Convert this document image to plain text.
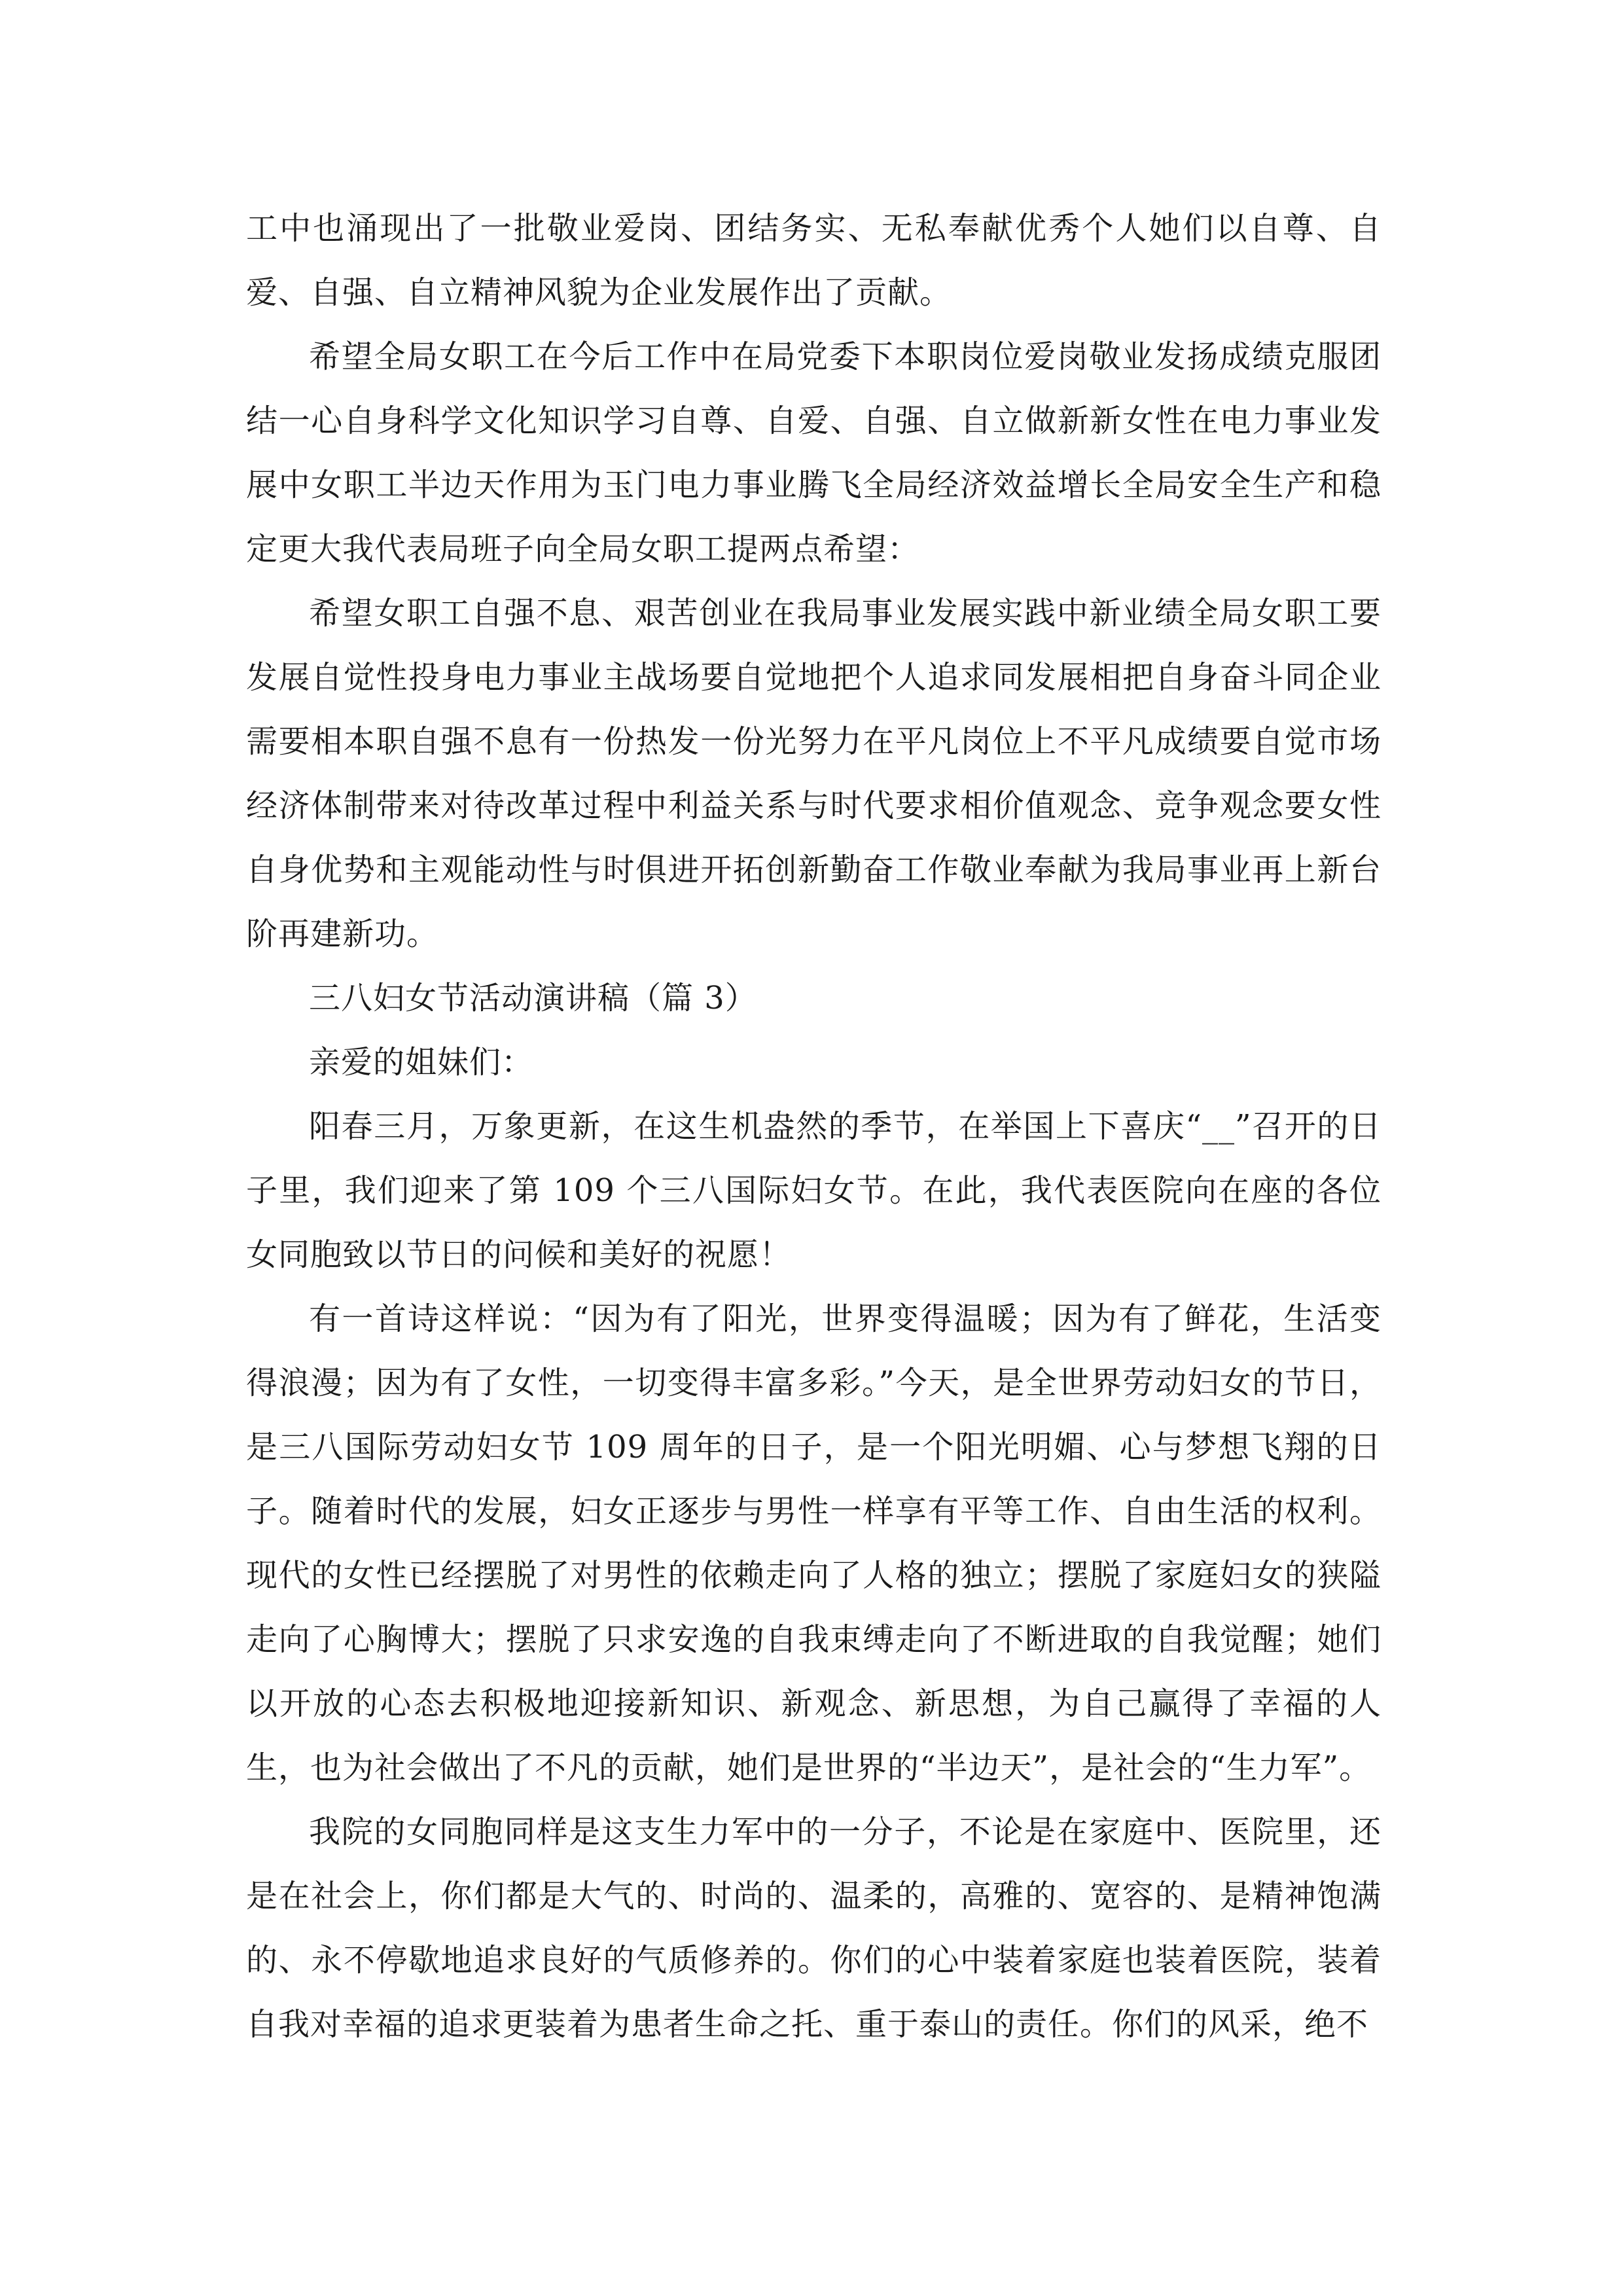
工中也涌现出了一批敬业爱岗、团结务实、无私奉献优秀个人她们以自尊、自爱、自强、自立精神风貌为企业发展作出了贡献。

希望全局女职工在今后工作中在局党委下本职岗位爱岗敬业发扬成绩克服团结一心自身科学文化知识学习自尊、自爱、自强、自立做新新女性在电力事业发展中女职工半边天作用为玉门电力事业腾飞全局经济效益增长全局安全生产和稳定更大我代表局班子向全局女职工提两点希望：

希望女职工自强不息、艰苦创业在我局事业发展实践中新业绩全局女职工要发展自觉性投身电力事业主战场要自觉地把个人追求同发展相把自身奋斗同企业需要相本职自强不息有一份热发一份光努力在平凡岗位上不平凡成绩要自觉市场经济体制带来对待改革过程中利益关系与时代要求相价值观念、竞争观念要女性自身优势和主观能动性与时俱进开拓创新勤奋工作敬业奉献为我局事业再上新台阶再建新功。

三八妇女节活动演讲稿（篇 3）

亲爱的姐妹们：

阳春三月，万象更新，在这生机盎然的季节，在举国上下喜庆“__”召开的日子里，我们迎来了第 109 个三八国际妇女节。在此，我代表医院向在座的各位女同胞致以节日的问候和美好的祝愿！

有一首诗这样说：“因为有了阳光，世界变得温暖；因为有了鲜花，生活变得浪漫；因为有了女性，一切变得丰富多彩。”今天，是全世界劳动妇女的节日，是三八国际劳动妇女节 109 周年的日子，是一个阳光明媚、心与梦想飞翔的日子。随着时代的发展，妇女正逐步与男性一样享有平等工作、自由生活的权利。现代的女性已经摆脱了对男性的依赖走向了人格的独立；摆脱了家庭妇女的狭隘走向了心胸博大；摆脱了只求安逸的自我束缚走向了不断进取的自我觉醒；她们以开放的心态去积极地迎接新知识、新观念、新思想，为自己赢得了幸福的人生，也为社会做出了不凡的贡献，她们是世界的“半边天”，是社会的“生力军”。

我院的女同胞同样是这支生力军中的一分子，不论是在家庭中、医院里，还是在社会上，你们都是大气的、时尚的、温柔的，高雅的、宽容的、是精神饱满的、永不停歇地追求良好的气质修养的。你们的心中装着家庭也装着医院，装着自我对幸福的追求更装着为患者生命之托、重于泰山的责任。你们的风采，绝不
